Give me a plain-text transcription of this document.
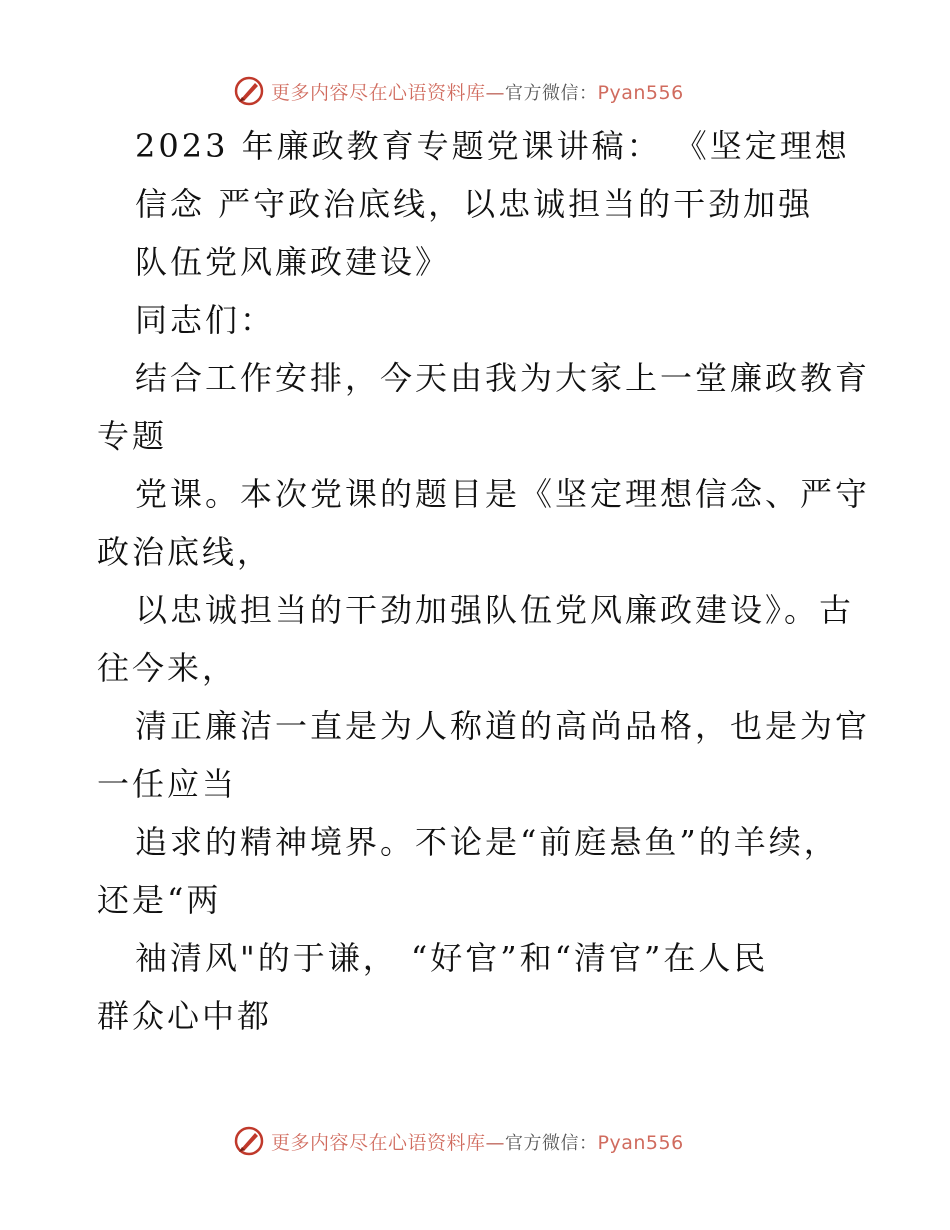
更多内容尽在心语资料库—官方微信：Pyan556
2023 年廉政教育专题党课讲稿： 《坚定理想
信念 严守政治底线，以忠诚担当的干劲加强
队伍党风廉政建设》
同志们：
结合工作安排，今天由我为大家上一堂廉政教育
专题
党课。本次党课的题目是《坚定理想信念、严守
政治底线，
以忠诚担当的干劲加强队伍党风廉政建设》。古
往今来，
清正廉洁一直是为人称道的高尚品格，也是为官
一任应当
追求的精神境界。不论是“前庭悬鱼”的羊续，
还是“两
袖清风"的于谦， “好官”和“清官”在人民
群众心中都
更多内容尽在心语资料库—官方微信：Pyan556
